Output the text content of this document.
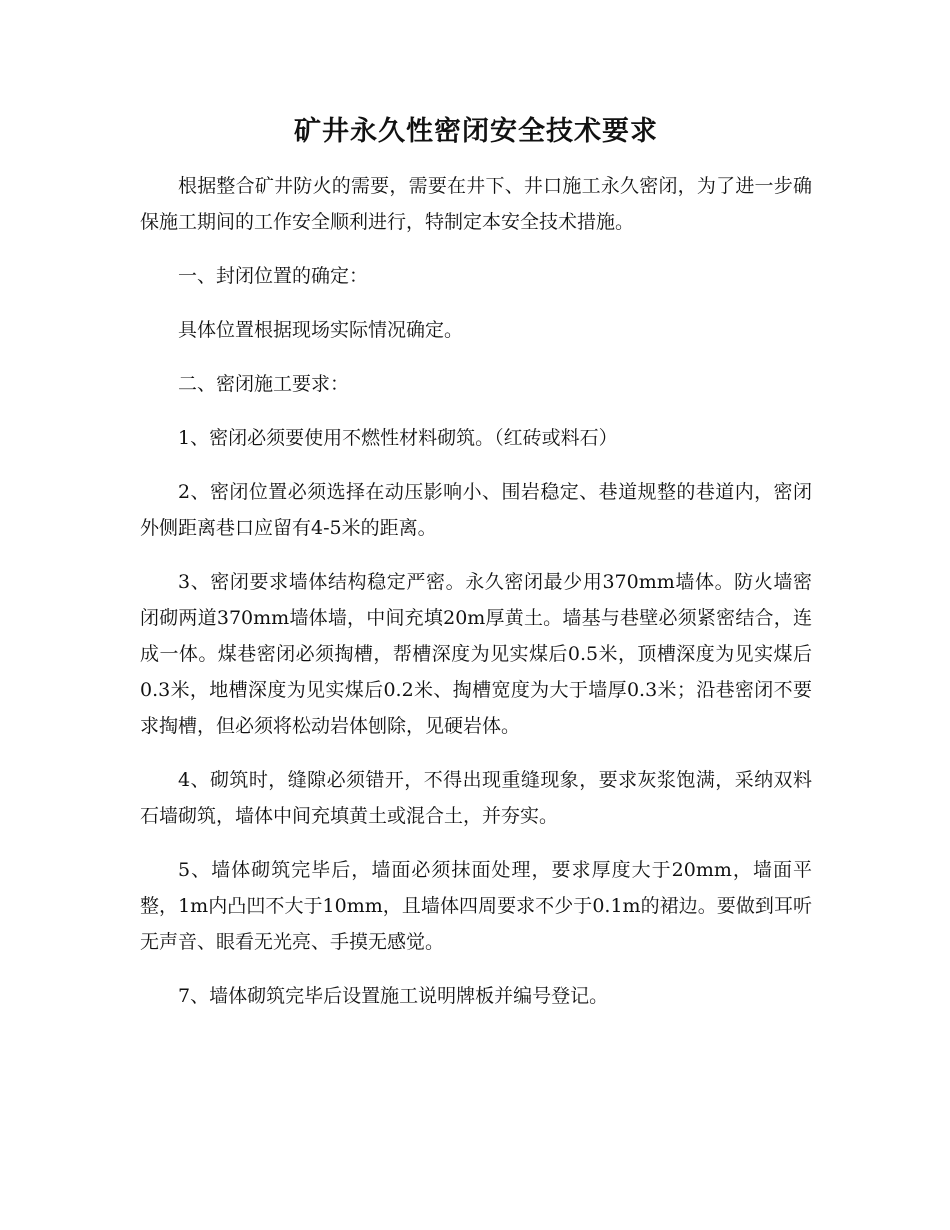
矿井永久性密闭安全技术要求

根据整合矿井防火的需要，需要在井下、井口施工永久密闭，为了进一步确保施工期间的工作安全顺利进行，特制定本安全技术措施。

一、封闭位置的确定：

具体位置根据现场实际情况确定。

二、密闭施工要求：

1、密闭必须要使用不燃性材料砌筑。（红砖或料石）

2、密闭位置必须选择在动压影响小、围岩稳定、巷道规整的巷道内，密闭外侧距离巷口应留有4-5米的距离。

3、密闭要求墙体结构稳定严密。永久密闭最少用370mm墙体。防火墙密闭砌两道370mm墙体墙，中间充填20m厚黄土。墙基与巷壁必须紧密结合，连成一体。煤巷密闭必须掏槽，帮槽深度为见实煤后0.5米，顶槽深度为见实煤后0.3米，地槽深度为见实煤后0.2米、掏槽宽度为大于墙厚0.3米；沿巷密闭不要求掏槽，但必须将松动岩体刨除，见硬岩体。

4、砌筑时，缝隙必须错开，不得出现重缝现象，要求灰浆饱满，采纳双料石墙砌筑，墙体中间充填黄土或混合土，并夯实。

5、墙体砌筑完毕后，墙面必须抹面处理，要求厚度大于20mm，墙面平整，1m内凸凹不大于10mm，且墙体四周要求不少于0.1m的裙边。要做到耳听无声音、眼看无光亮、手摸无感觉。

7、墙体砌筑完毕后设置施工说明牌板并编号登记。
